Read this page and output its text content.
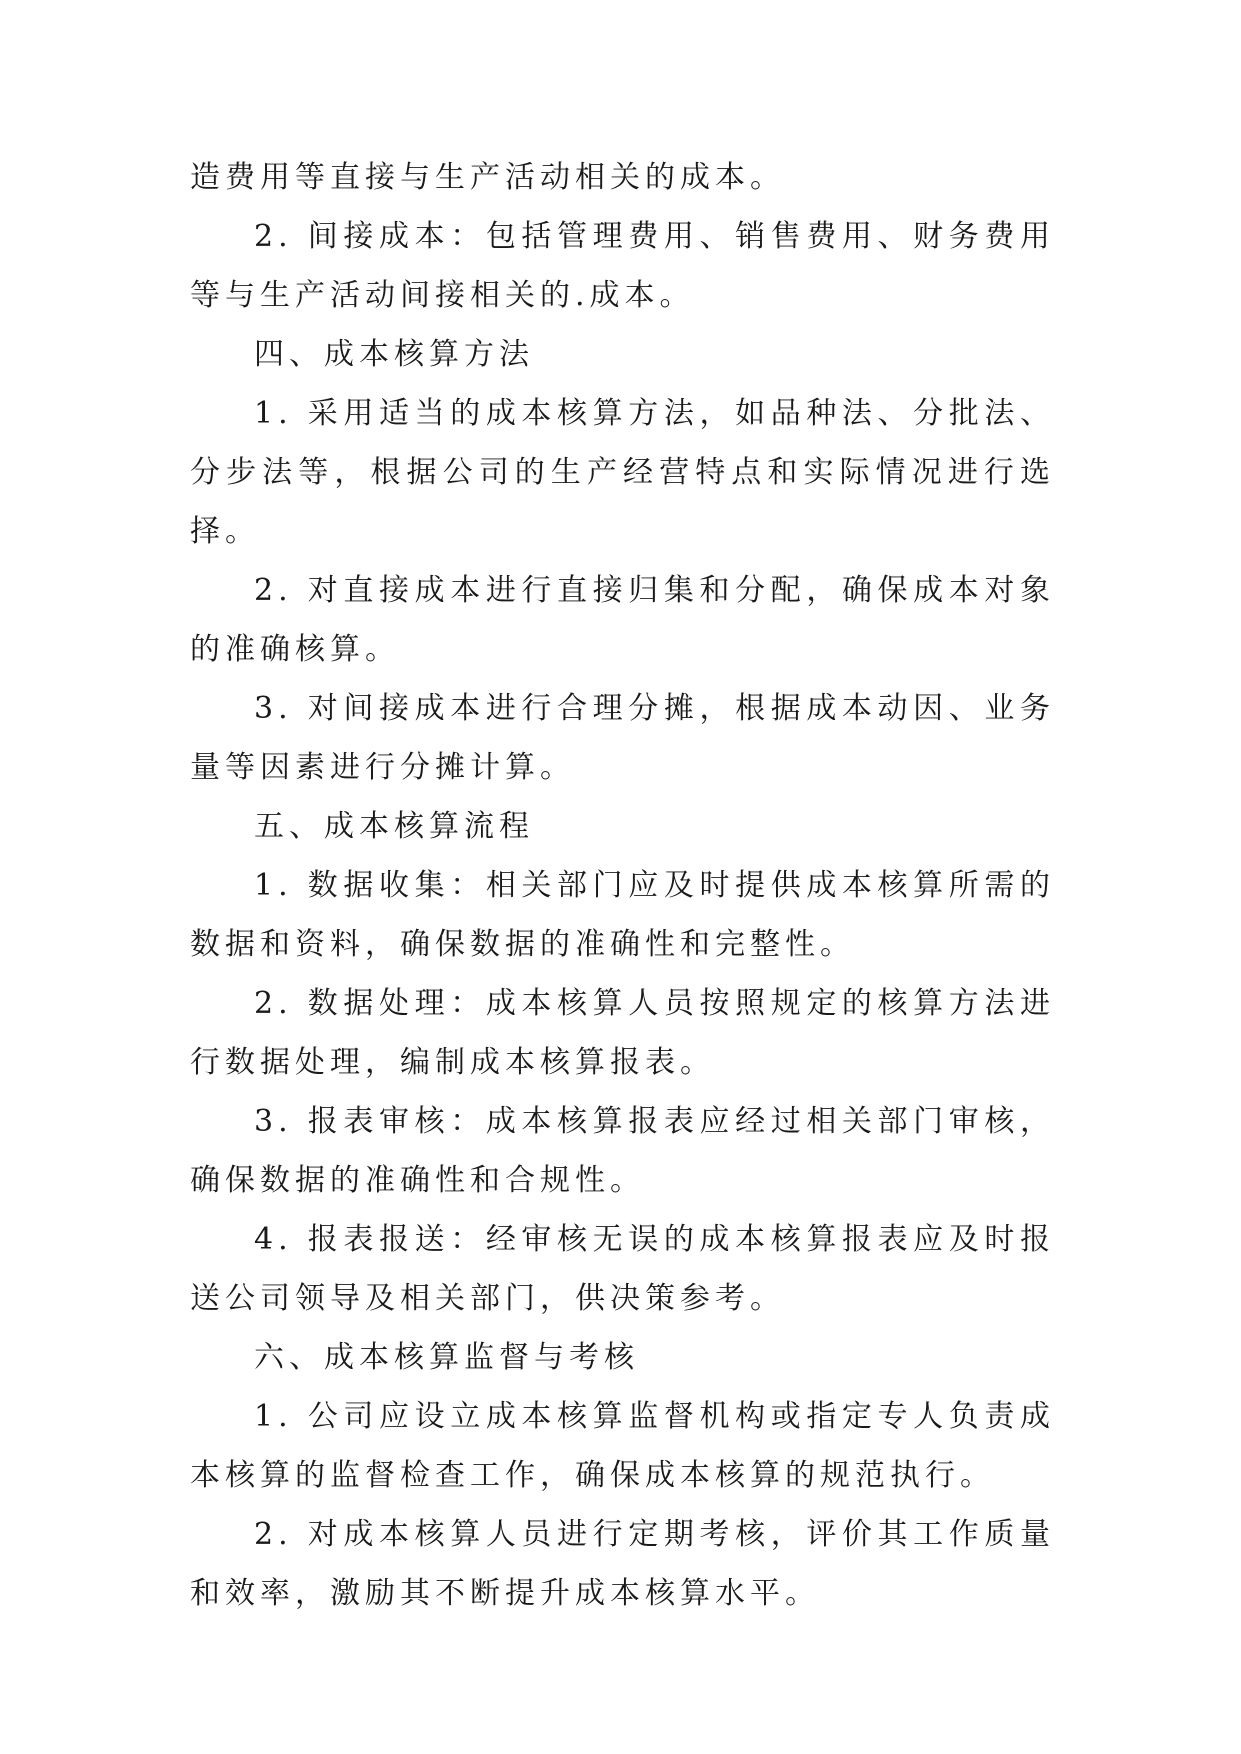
造费用等直接与生产活动相关的成本。

2. 间接成本：包括管理费用、销售费用、财务费用等与生产活动间接相关的.成本。

四、成本核算方法

1. 采用适当的成本核算方法，如品种法、分批法、分步法等，根据公司的生产经营特点和实际情况进行选择。

2. 对直接成本进行直接归集和分配，确保成本对象的准确核算。

3. 对间接成本进行合理分摊，根据成本动因、业务量等因素进行分摊计算。

五、成本核算流程

1. 数据收集：相关部门应及时提供成本核算所需的数据和资料，确保数据的准确性和完整性。

2. 数据处理：成本核算人员按照规定的核算方法进行数据处理，编制成本核算报表。

3. 报表审核：成本核算报表应经过相关部门审核，确保数据的准确性和合规性。

4. 报表报送：经审核无误的成本核算报表应及时报送公司领导及相关部门，供决策参考。

六、成本核算监督与考核

1. 公司应设立成本核算监督机构或指定专人负责成本核算的监督检查工作，确保成本核算的规范执行。

2. 对成本核算人员进行定期考核，评价其工作质量和效率，激励其不断提升成本核算水平。
